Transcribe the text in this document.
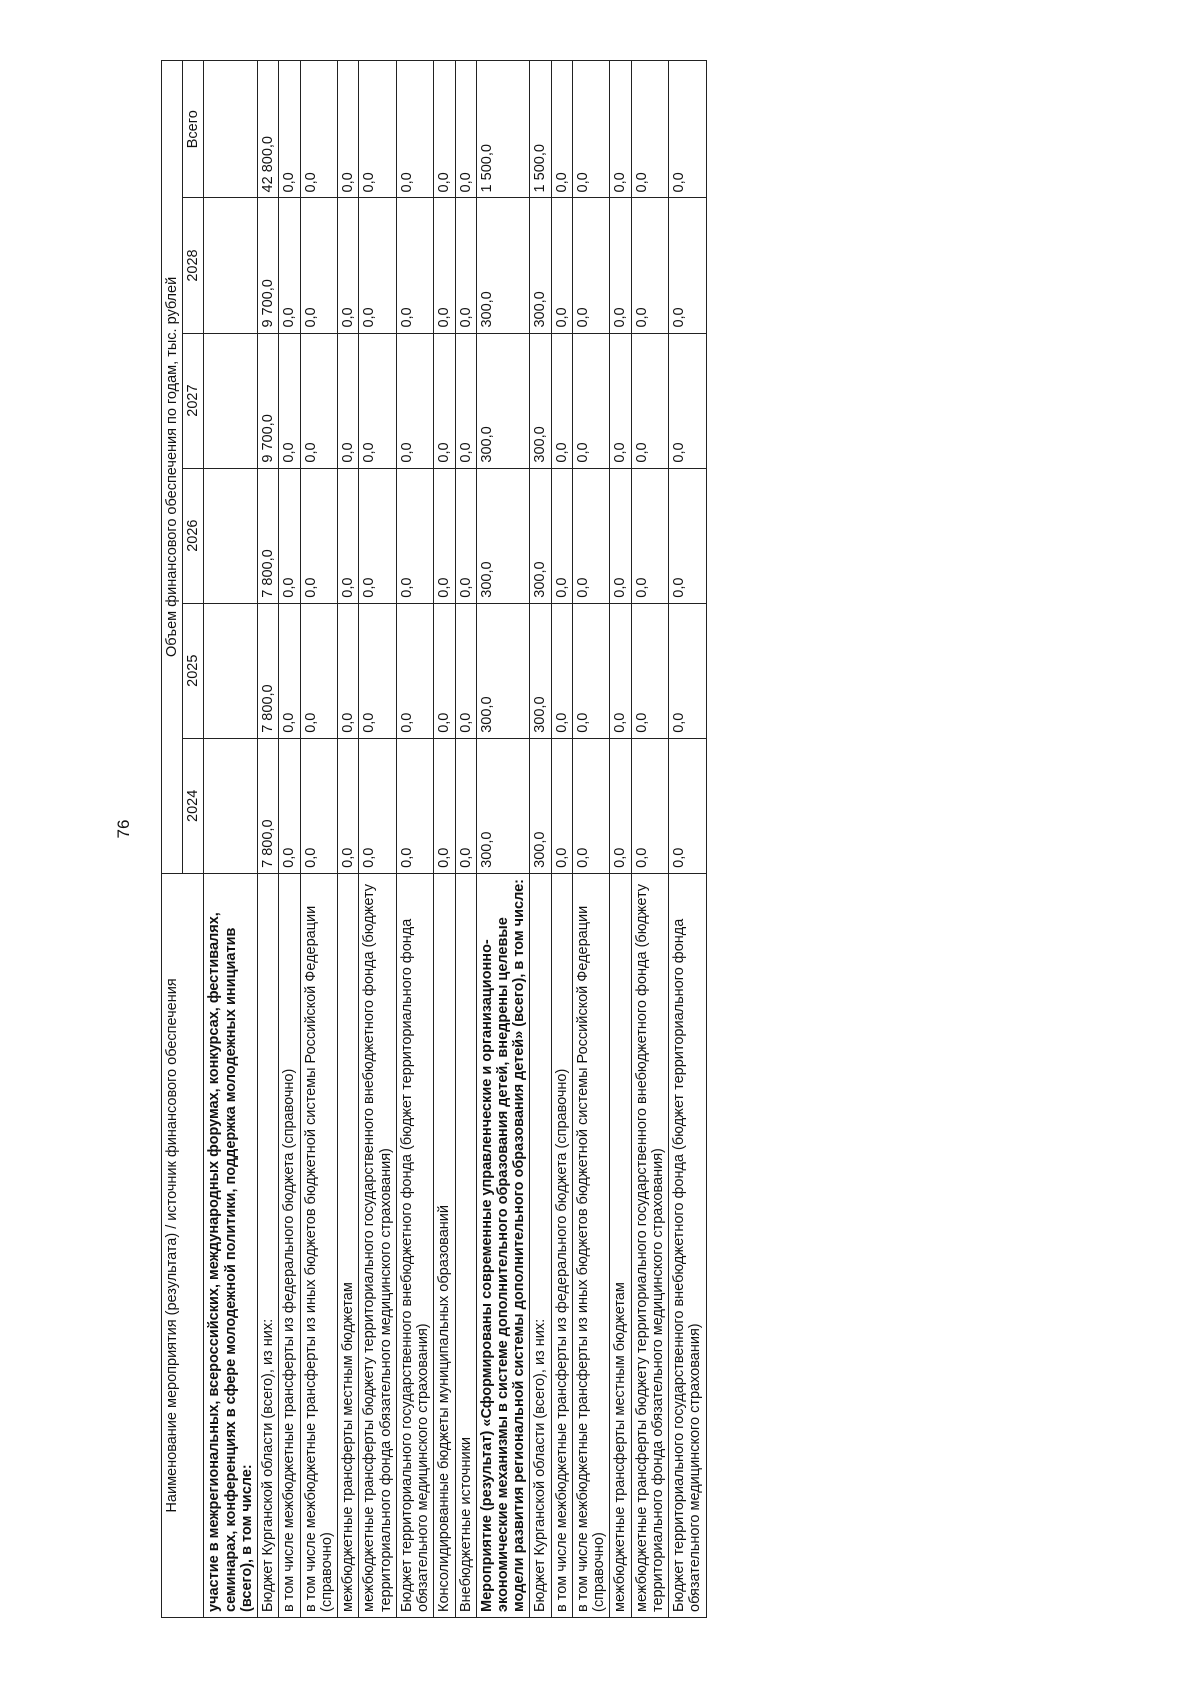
76
Наименование мероприятия (результата) / источник финансового обеспечения	Объем финансового обеспечения по годам, тыс. рублей					
	2024	2025	2026	2027	2028	Всего
участие в межрегиональных, всероссийских, международных форумах, конкурсах, фестивалях, семинарах, конференциях в сфере молодежной политики, поддержка молодежных инициатив (всего), в том числе:						
Бюджет Курганской области (всего), из них:	7 800,0	7 800,0	7 800,0	9 700,0	9 700,0	42 800,0
в том числе межбюджетные трансферты из федерального бюджета (справочно)	0,0	0,0	0,0	0,0	0,0	0,0
в том числе межбюджетные трансферты из иных бюджетов бюджетной системы Российской Федерации (справочно)	0,0	0,0	0,0	0,0	0,0	0,0
межбюджетные трансферты местным бюджетам	0,0	0,0	0,0	0,0	0,0	0,0
межбюджетные трансферты бюджету территориального государственного внебюджетного фонда (бюджету территориального фонда обязательного медицинского страхования)	0,0	0,0	0,0	0,0	0,0	0,0
Бюджет территориального государственного внебюджетного фонда (бюджет территориального фонда обязательного медицинского страхования)	0,0	0,0	0,0	0,0	0,0	0,0
Консолидированные бюджеты муниципальных образований	0,0	0,0	0,0	0,0	0,0	0,0
Внебюджетные источники	0,0	0,0	0,0	0,0	0,0	0,0
Мероприятие (результат) «Сформированы современные управленческие и организационно-экономические механизмы в системе дополнительного образования детей, внедрены целевые модели развития региональной системы дополнительного образования детей» (всего), в том числе:	300,0	300,0	300,0	300,0	300,0	1 500,0
Бюджет Курганской области (всего), из них:	300,0	300,0	300,0	300,0	300,0	1 500,0
в том числе межбюджетные трансферты из федерального бюджета (справочно)	0,0	0,0	0,0	0,0	0,0	0,0
в том числе межбюджетные трансферты из иных бюджетов бюджетной системы Российской Федерации (справочно)	0,0	0,0	0,0	0,0	0,0	0,0
межбюджетные трансферты местным бюджетам	0,0	0,0	0,0	0,0	0,0	0,0
межбюджетные трансферты бюджету территориального государственного внебюджетного фонда (бюджету территориального фонда обязательного медицинского страхования)	0,0	0,0	0,0	0,0	0,0	0,0
Бюджет территориального государственного внебюджетного фонда (бюджет территориального фонда обязательного медицинского страхования)	0,0	0,0	0,0	0,0	0,0	0,0
